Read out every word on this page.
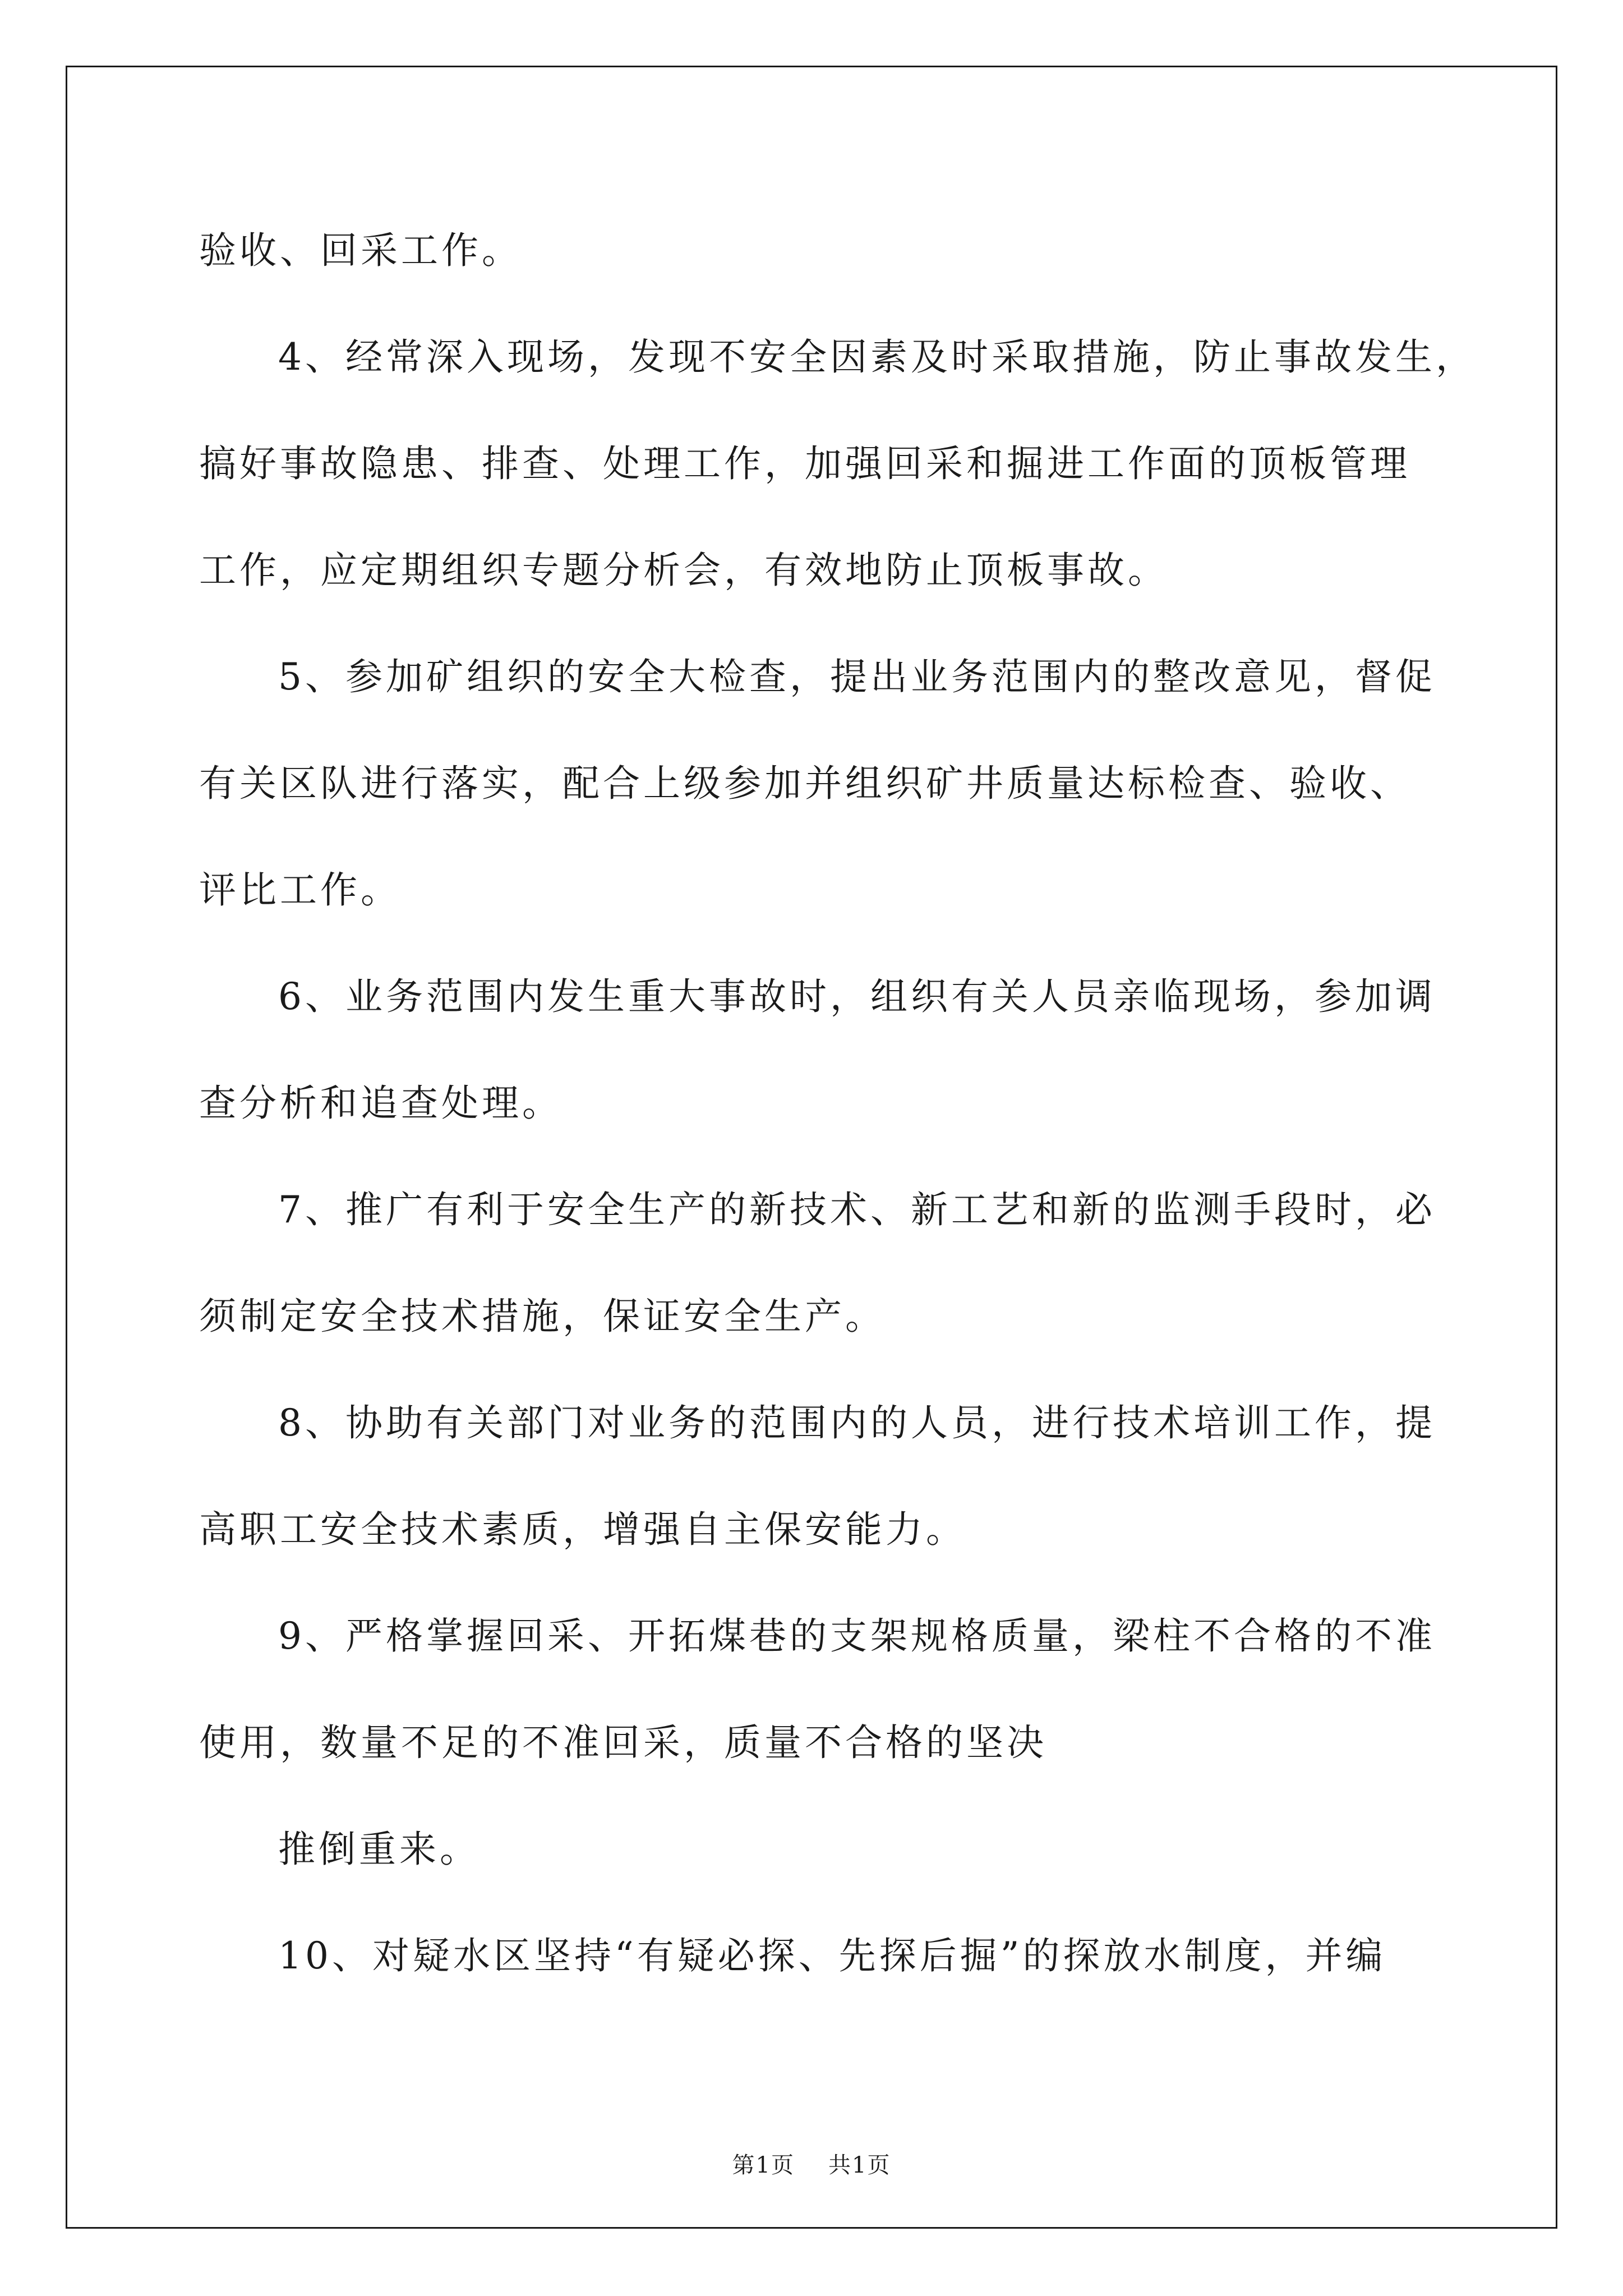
验收、回采工作。
4、经常深入现场，发现不安全因素及时采取措施，防止事故发生，
搞好事故隐患、排查、处理工作，加强回采和掘进工作面的顶板管理
工作，应定期组织专题分析会，有效地防止顶板事故。
5、参加矿组织的安全大检查，提出业务范围内的整改意见，督促
有关区队进行落实，配合上级参加并组织矿井质量达标检查、验收、
评比工作。
6、业务范围内发生重大事故时，组织有关人员亲临现场，参加调
查分析和追查处理。
7、推广有利于安全生产的新技术、新工艺和新的监测手段时，必
须制定安全技术措施，保证安全生产。
8、协助有关部门对业务的范围内的人员，进行技术培训工作，提
高职工安全技术素质，增强自主保安能力。
9、严格掌握回采、开拓煤巷的支架规格质量，梁柱不合格的不准
使用，数量不足的不准回采，质量不合格的坚决
推倒重来。
10、对疑水区坚持“有疑必探、先探后掘”的探放水制度，并编
第1页 共1页
